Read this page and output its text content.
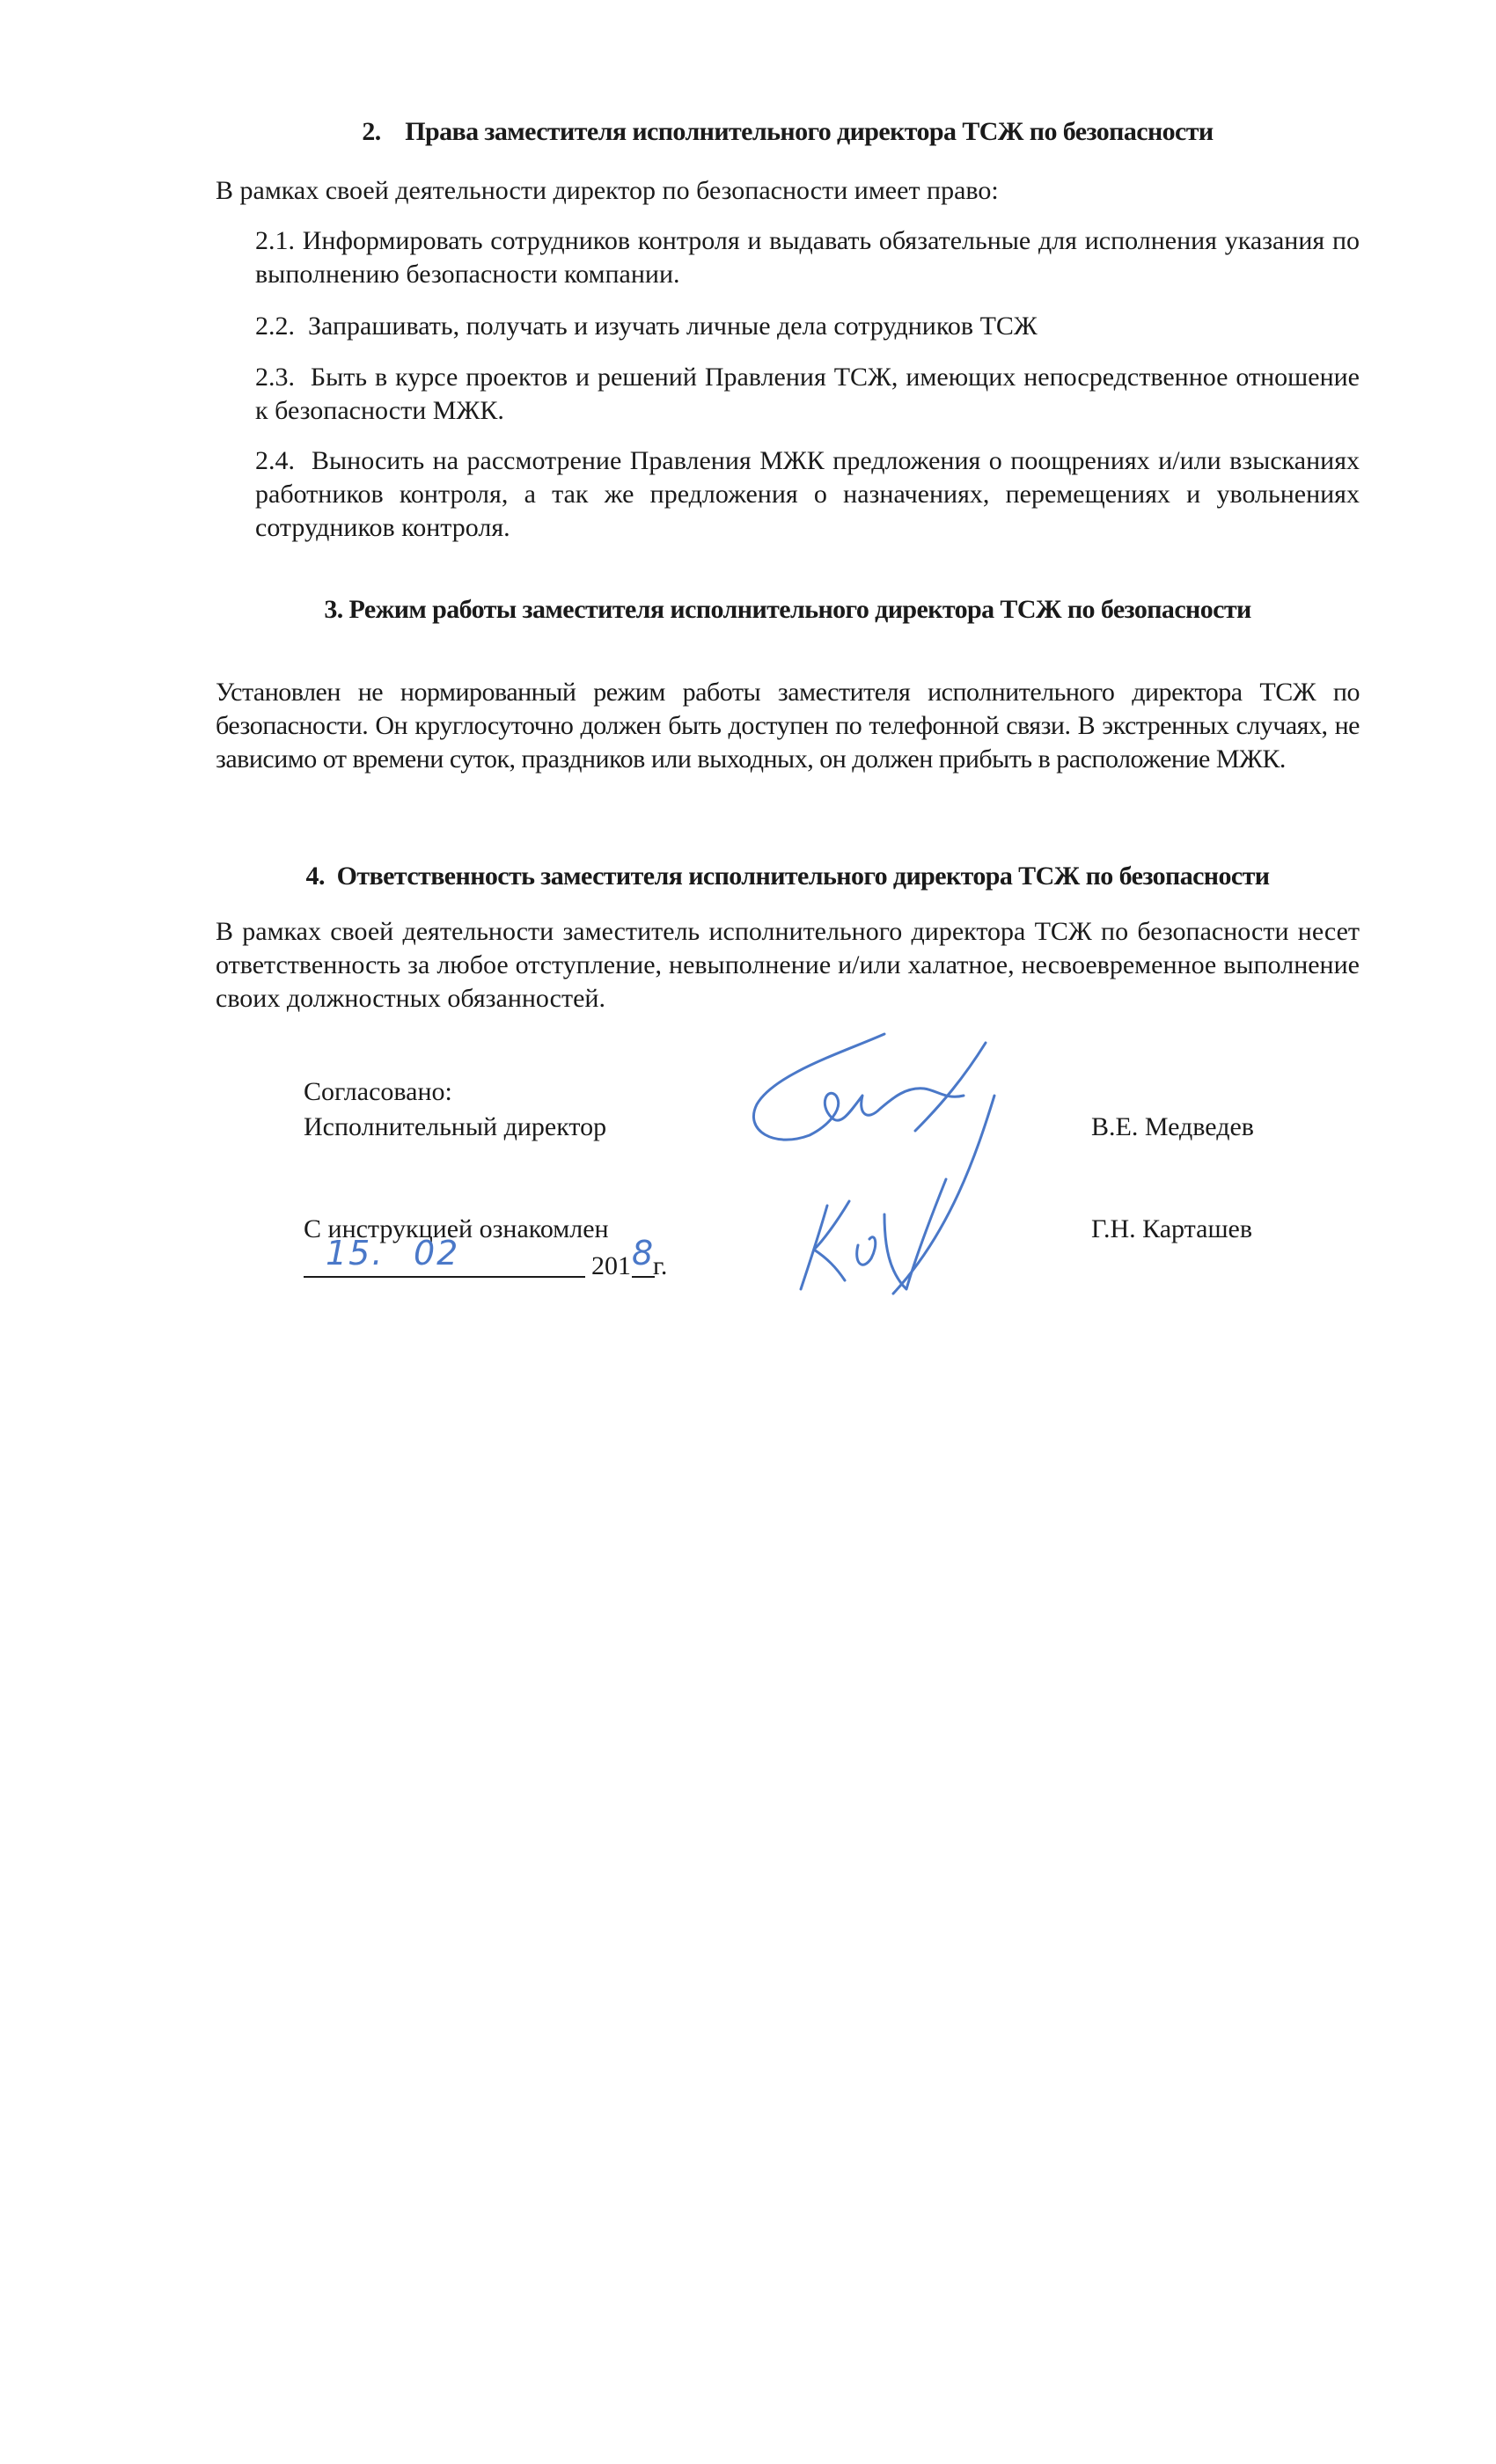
2.    Права заместителя исполнительного директора ТСЖ по безопасности
В рамках своей деятельности директор по безопасности имеет право:
2.1. Информировать сотрудников контроля и выдавать обязательные для исполнения указания по выполнению безопасности компании.
2.2.  Запрашивать, получать и изучать личные дела сотрудников ТСЖ
2.3.  Быть в курсе проектов и решений Правления ТСЖ, имеющих непосредственное отношение к безопасности МЖК.
2.4.  Выносить на рассмотрение Правления МЖК предложения о поощрениях и/или взысканиях работников контроля, а так же предложения о назначениях, перемещениях и увольнениях сотрудников контроля.
3. Режим работы заместителя исполнительного директора ТСЖ по безопасности
Установлен не нормированный режим работы заместителя исполнительного директора ТСЖ по безопасности. Он круглосуточно должен быть доступен по телефонной связи. В экстренных случаях, не зависимо от времени суток, праздников или выходных, он должен прибыть в расположение МЖК.
4.  Ответственность заместителя исполнительного директора ТСЖ по безопасности
В рамках своей деятельности заместитель исполнительного директора ТСЖ по безопасности несет ответственность за любое отступление, невыполнение и/или халатное, несвоевременное выполнение своих должностных обязанностей.
Согласовано:
Исполнительный директор	В.Е. Медведев
С инструкцией ознакомлен
15. 02	201 8 г.
Г.Н. Карташев
